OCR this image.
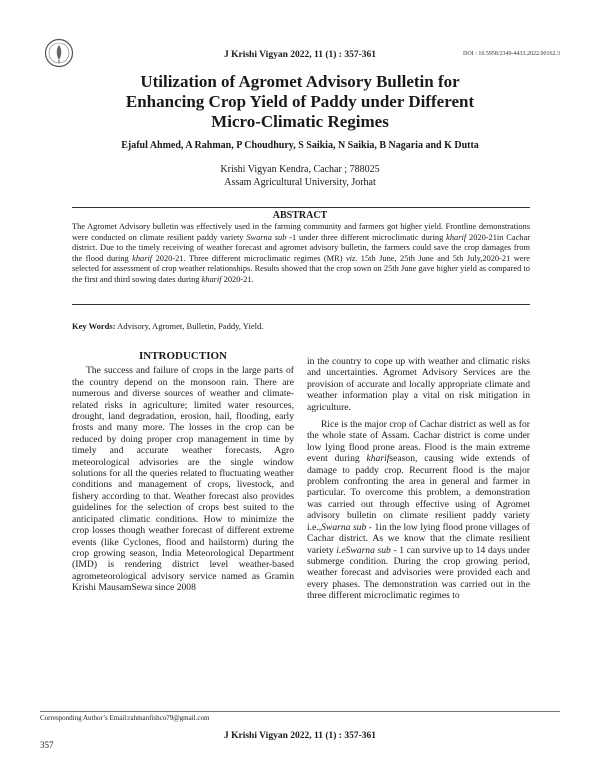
J Krishi Vigyan 2022, 11 (1) : 357-361	DOI : 10.5958/2349-4433.2022.00162.3
Utilization of Agromet Advisory Bulletin for
Enhancing Crop Yield of Paddy under Different
Micro-Climatic Regimes
Ejaful Ahmed, A Rahman, P Choudhury, S Saikia, N Saikia, B Nagaria and K Dutta
Krishi Vigyan Kendra, Cachar ; 788025
Assam Agricultural University, Jorhat
ABSTRACT

The Agromet Advisory bulletin was effectively used in the farming community and farmers got higher yield. Frontline demonstrations were conducted on climate resilient paddy variety Swarna sub -1 under three different microclimatic during kharif 2020-21in Cachar district. Due to the timely receiving of weather forecast and agromet advisory bulletin, the farmers could save the crop damages from the flood during kharif 2020-21. Three different microclimatic regimes (MR) viz. 15th June, 25th June and 5th July,2020-21 were selected for assessment of crop weather relationships. Results showed that the crop sown on 25th June gave higher yield as compared to the first and third sowing dates during kharif 2020-21.

Key Words: Advisory, Agromet, Bulletin, Paddy, Yield.

INTRODUCTION

The success and failure of crops in the large parts of the country depend on the monsoon rain. There are numerous and diverse sources of weather and climate-related risks in agriculture; limited water resources, drought, land degradation, erosion, hail, flooding, early frosts and many more. The losses in the crop can be reduced by doing proper crop management in time by timely and accurate weather forecasts. Agro meteorological advisories are the single window solutions for all the queries related to fluctuating weather conditions and management of crops, livestock, and fishery according to that. Weather forecast also provides guidelines for the selection of crops best suited to the anticipated climatic conditions. How to minimize the crop losses though weather forecast of different extreme events (like Cyclones, flood and hailstorm) during the crop growing season, India Meteorological Department (IMD) is rendering district level weather-based agrometeorological advisory service named as Gramin Krishi MausamSewa since 2008

in the country to cope up with weather and climatic risks and uncertainties. Agromet Advisory Services are the provision of accurate and locally appropriate climate and weather information play a vital on risk mitigation in agriculture.

Rice is the major crop of Cachar district as well as for the whole state of Assam. Cachar district is come under low lying flood prone areas. Flood is the main extreme event during kharifseason, causing wide extends of damage to paddy crop. Recurrent flood is the major problem confronting the area in general and farmer in particular. To overcome this problem, a demonstration was carried out through effective using of Agromet advisory bulletin on climate resilient paddy variety i.e.,Swarna sub - 1in the low lying flood prone villages of Cachar district. As we know that the climate resilient variety i.eSwarna sub - 1 can survive up to 14 days under submerge condition. During the crop growing period, weather forecast and advisories were provided each and every phases. The demonstration was carried out in the three different microclimatic regimes to

Corresponding Author’s Email:rahmanfishco79@gmail.com
J Krishi Vigyan 2022, 11 (1) : 357-361
357
